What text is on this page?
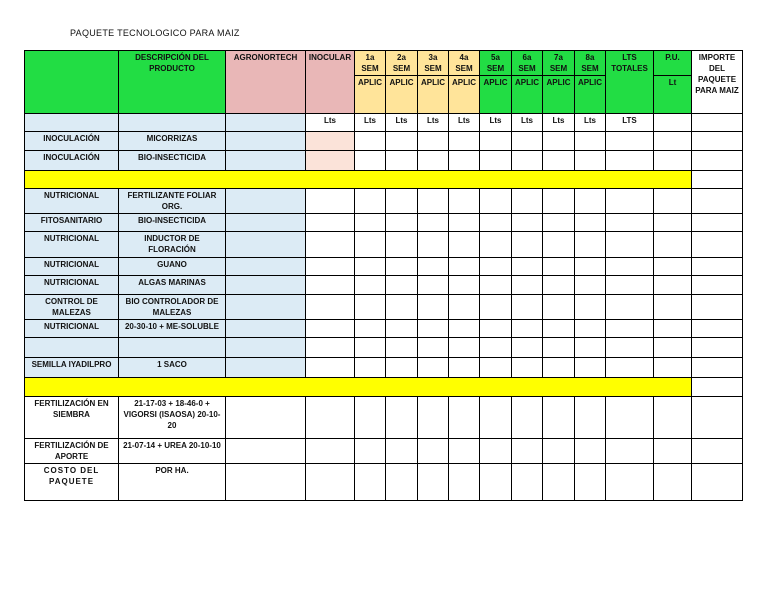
PAQUETE TECNOLOGICO PARA MAIZ
	DESCRIPCIÓN DEL PRODUCTO	AGRONORTECH	INOCULAR	1a SEM	2a SEM	3a SEM	4a SEM	5a SEM	6a SEM	7a SEM	8a SEM	LTS TOTALES	P.U.	IMPORTE DEL PAQUETE PARA MAIZ
				APLIC	APLIC	APLIC	APLIC	APLIC	APLIC	APLIC	APLIC		Lt	
			Lts	Lts	Lts	Lts	Lts	Lts	Lts	Lts	Lts	LTS		
INOCULACIÓN	MICORRIZAS													
INOCULACIÓN	BIO-INSECTICIDA													

NUTRICIONAL	FERTILIZANTE FOLIAR ORG.													
FITOSANITARIO	BIO-INSECTICIDA													
NUTRICIONAL	INDUCTOR DE FLORACIÓN													
NUTRICIONAL	GUANO													
NUTRICIONAL	ALGAS MARINAS													
CONTROL DE MALEZAS	BIO CONTROLADOR DE MALEZAS													
NUTRICIONAL	20-30-10 + ME-SOLUBLE													

SEMILLA IYADILPRO	1 SACO													

FERTILIZACIÓN EN SIEMBRA	21-17-03 + 18-46-0 + VIGORSI (ISAOSA) 20-10-20													
FERTILIZACIÓN DE APORTE	21-07-14 + UREA 20-10-10													
COSTO DEL PAQUETE	POR HA.													
